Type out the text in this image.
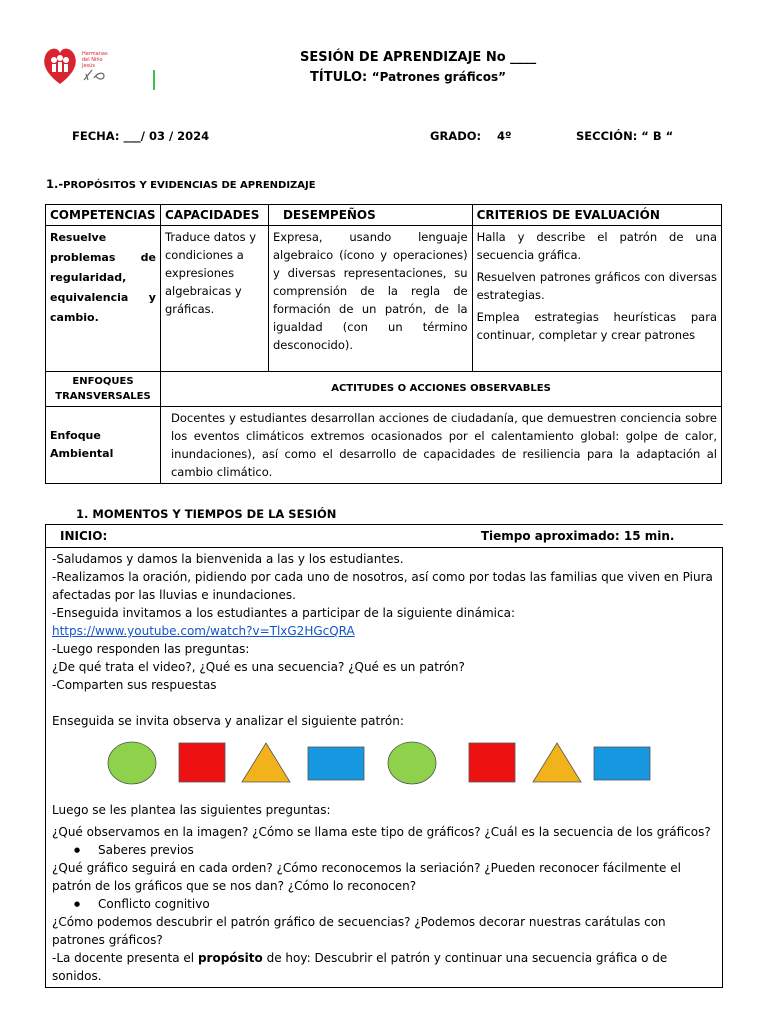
Hermanas
del Niño
Jesús
SESIÓN DE APRENDIZAJE No ____
TÍTULO: “Patrones gráficos”
FECHA: ___/ 03 / 2024	GRADO: 4º	SECCIÓN: “ B “
1.-PROPÓSITOS Y EVIDENCIAS DE APRENDIZAJE
COMPETENCIAS	CAPACIDADES	DESEMPEÑOS	CRITERIOS DE EVALUACIÓN
Resuelve problemas de regularidad, equivalencia y cambio.	Traduce datos y condiciones a expresiones algebraicas y gráficas.	Expresa, usando lenguaje algebraico (ícono y operaciones) y diversas representaciones, su comprensión de la regla de formación de un patrón, de la igualdad (con un término desconocido).	Halla y describe el patrón de una secuencia gráfica.
Resuelven patrones gráficos con diversas estrategias.
Emplea estrategias heurísticas para continuar, completar y crear patrones

ENFOQUES TRANSVERSALES	ACTITUDES O ACCIONES OBSERVABLES		
Enfoque Ambiental	Docentes y estudiantes desarrollan acciones de ciudadanía, que demuestren conciencia sobre los eventos climáticos extremos ocasionados por el calentamiento global: golpe de calor, inundaciones), así como el desarrollo de capacidades de resiliencia para la adaptación al cambio climático.		
1. MOMENTOS Y TIEMPOS DE LA SESIÓN
INICIO:	Tiempo aproximado: 15 min.

-Saludamos y damos la bienvenida a las y los estudiantes.
-Realizamos la oración, pidiendo por cada uno de nosotros, así como por todas las familias que viven en Piura afectadas por las lluvias e inundaciones.
-Enseguida invitamos a los estudiantes a participar de la siguiente dinámica:
https://www.youtube.com/watch?v=TlxG2HGcQRA
-Luego responden las preguntas:
¿De qué trata el video?, ¿Qué es una secuencia? ¿Qué es un patrón?
-Comparten sus respuestas
Enseguida se invita observa y analizar el siguiente patrón:
Luego se les plantea las siguientes preguntas:
¿Qué observamos en la imagen? ¿Cómo se llama este tipo de gráficos? ¿Cuál es la secuencia de los gráficos?
● Saberes previos
¿Qué gráfico seguirá en cada orden? ¿Cómo reconocemos la seriación? ¿Pueden reconocer fácilmente el patrón de los gráficos que se nos dan? ¿Cómo lo reconocen?
● Conflicto cognitivo
¿Cómo podemos descubrir el patrón gráfico de secuencias? ¿Podemos decorar nuestras carátulas con patrones gráficos?
-La docente presenta el propósito de hoy: Descubrir el patrón y continuar una secuencia gráfica o de sonidos.
